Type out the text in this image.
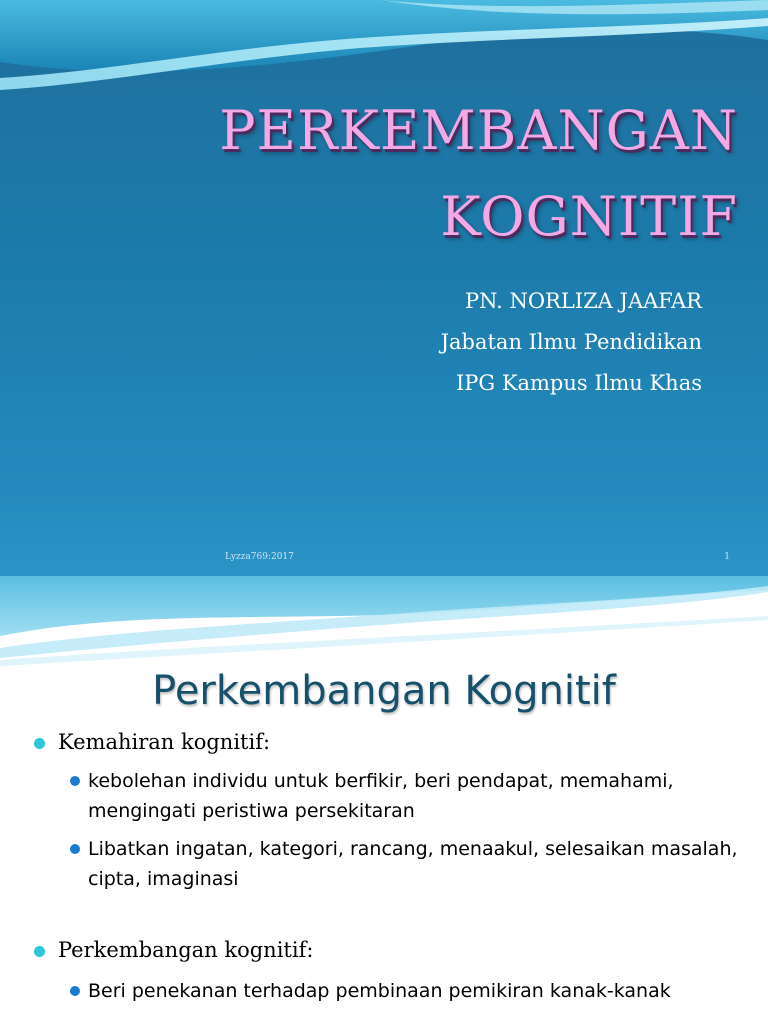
PERKEMBANGAN
KOGNITIF
PN. NORLIZA JAAFAR
Jabatan Ilmu Pendidikan
IPG Kampus Ilmu Khas
Lyzza769:2017	1
Perkembangan Kognitif
Kemahiran kognitif:
kebolehan individu untuk berfikir, beri pendapat, memahami, mengingati peristiwa persekitaran
Libatkan ingatan, kategori, rancang, menaakul, selesaikan masalah, cipta, imaginasi
Perkembangan kognitif:
Beri penekanan terhadap pembinaan pemikiran kanak-kanak
